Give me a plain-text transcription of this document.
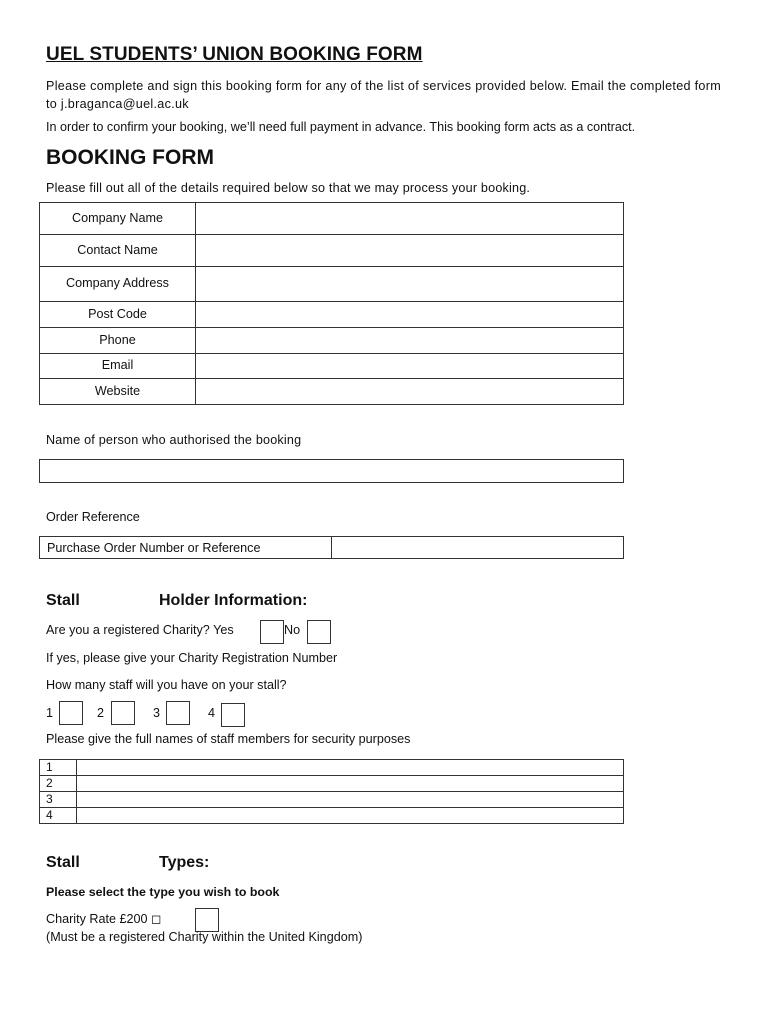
UEL STUDENTS’ UNION BOOKING FORM
Please complete and sign this booking form for any of the list of services provided below. Email the completed form to j.braganca@uel.ac.uk
In order to confirm your booking, we’ll need full payment in advance. This booking form acts as a contract.
BOOKING FORM
Please fill out all of the details required below so that we may process your booking.
Company Name	
Contact Name	
Company Address	
Post Code	
Phone	
Email	
Website	
Name of person who authorised the booking
Order Reference
Purchase Order Number or Reference	
Stall	Holder Information:
Are you a registered Charity? Yes	No
If yes, please give your Charity Registration Number
How many staff will you have on your stall?
1	2	3	4
Please give the full names of staff members for security purposes
1	
2	
3	
4	
Stall	Types:
Please select the type you wish to book
Charity Rate £200 ◻
(Must be a registered Charity within the United Kingdom)
